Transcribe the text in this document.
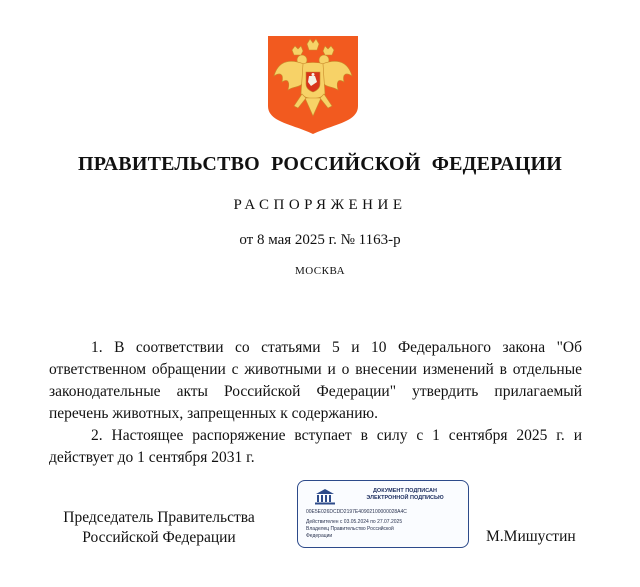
ПРАВИТЕЛЬСТВО РОССИЙСКОЙ ФЕДЕРАЦИИ
РАСПОРЯЖЕНИЕ
от 8 мая 2025 г. № 1163-р
МОСКВА

1. В соответствии со статьями 5 и 10 Федерального закона "Об ответственном обращении с животными и о внесении изменений в отдельные законодательные акты Российской Федерации" утвердить прилагаемый перечень животных, запрещенных к содержанию.

2. Настоящее распоряжение вступает в силу с 1 сентября 2025 г. и действует до 1 сентября 2031 г.

Председатель Правительства
Российской Федерации
ДОКУМЕНТ ПОДПИСАН
ЭЛЕКТРОННОЙ ПОДПИСЬЮ
00E5E026DCDD2197E40902100000028A4C
Действителен с 03.05.2024 по 27.07.2025
Владелец Правительство Российской
Федерации	М.Мишустин
